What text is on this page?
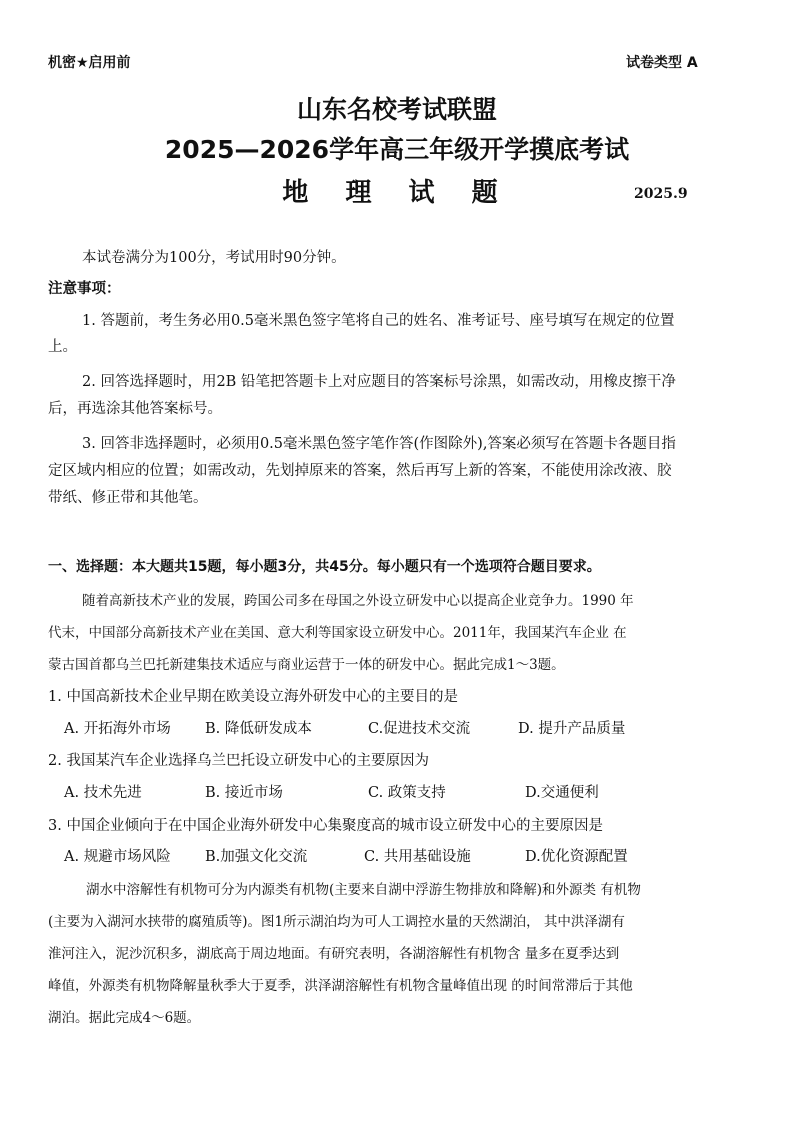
机密★启用前	试卷类型 A
山东名校考试联盟
2025—2026学年高三年级开学摸底考试
地 理 试 题	2025.9
本试卷满分为100分，考试用时90分钟。
注意事项：
1. 答题前，考生务必用0.5毫米黑色签字笔将自己的姓名、准考证号、座号填写在规定的位置
上。
2. 回答选择题时，用2B 铅笔把答题卡上对应题目的答案标号涂黑，如需改动，用橡皮擦干净
后，再选涂其他答案标号。
3. 回答非选择题时，必须用0.5毫米黑色签字笔作答(作图除外),答案必须写在答题卡各题目指
定区域内相应的位置；如需改动，先划掉原来的答案，然后再写上新的答案，不能使用涂改液、胶
带纸、修正带和其他笔。
一、选择题：本大题共15题，每小题3分，共45分。每小题只有一个选项符合题目要求。
随着高新技术产业的发展，跨国公司多在母国之外设立研发中心以提高企业竞争力。1990 年
代末，中国部分高新技术产业在美国、意大利等国家设立研发中心。2011年，我国某汽车企业 在
蒙古国首都乌兰巴托新建集技术适应与商业运营于一体的研发中心。据此完成1～3题。
1. 中国高新技术企业早期在欧美设立海外研发中心的主要目的是
A. 开拓海外市场 B. 降低研发成本	C.促进技术交流	D. 提升产品质量
2. 我国某汽车企业选择乌兰巴托设立研发中心的主要原因为
A. 技术先进	B. 接近市场	C. 政策支持	D.交通便利
3. 中国企业倾向于在中国企业海外研发中心集聚度高的城市设立研发中心的主要原因是
A. 规避市场风险 B.加强文化交流	C. 共用基础设施	D.优化资源配置
湖水中溶解性有机物可分为内源类有机物(主要来自湖中浮游生物排放和降解)和外源类 有机物
(主要为入湖河水挟带的腐殖质等)。图1所示湖泊均为可人工调控水量的天然湖泊， 其中洪泽湖有
淮河注入，泥沙沉积多，湖底高于周边地面。有研究表明，各湖溶解性有机物含 量多在夏季达到
峰值，外源类有机物降解量秋季大于夏季，洪泽湖溶解性有机物含量峰值出现 的时间常滞后于其他
湖泊。据此完成4～6题。
